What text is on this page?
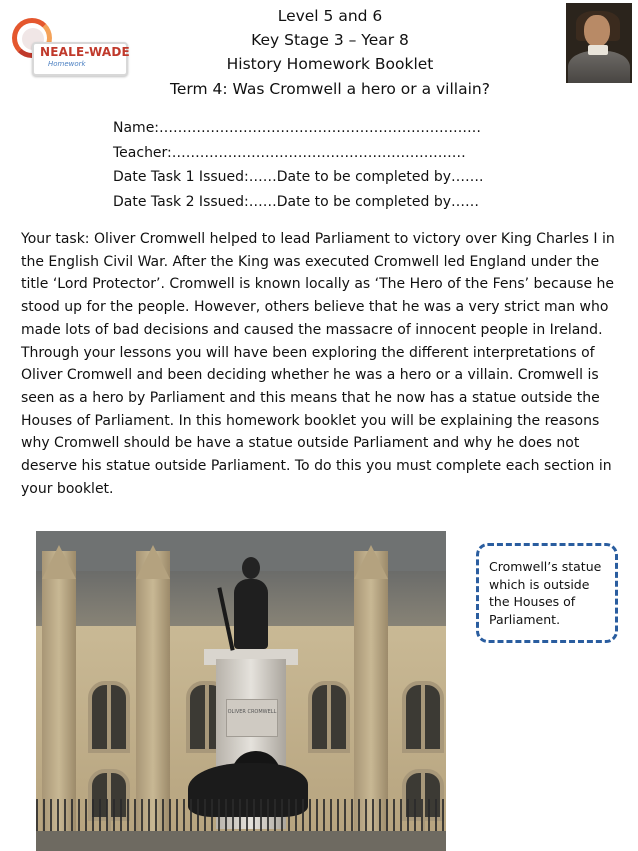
NEALE-WADE
Homework

Level 5 and 6

Key Stage 3 – Year 8

History Homework Booklet

Term 4: Was Cromwell a hero or a villain?

Name:……………………………………………………………

Teacher:………………………………………………………

Date Task 1 Issued:……Date to be completed by…….

Date Task 2 Issued:……Date to be completed by……

Your task: Oliver Cromwell helped to lead Parliament to victory over King Charles I in the English Civil War. After the King was executed Cromwell led England under the title ‘Lord Protector’. Cromwell is known locally as ‘The Hero of the Fens’ because he stood up for the people. However, others believe that he was a very strict man who made lots of bad decisions and caused the massacre of innocent people in Ireland. Through your lessons you will have been exploring the different interpretations of Oliver Cromwell and been deciding whether he was a hero or a villain. Cromwell is seen as a hero by Parliament and this means that he now has a statue outside the Houses of Parliament. In this homework booklet you will be explaining the reasons why Cromwell should be have a statue outside Parliament and why he does not deserve his statue outside Parliament. To do this you must complete each section in your booklet.

OLIVER CROMWELL

Cromwell’s statue which is outside the Houses of Parliament.
